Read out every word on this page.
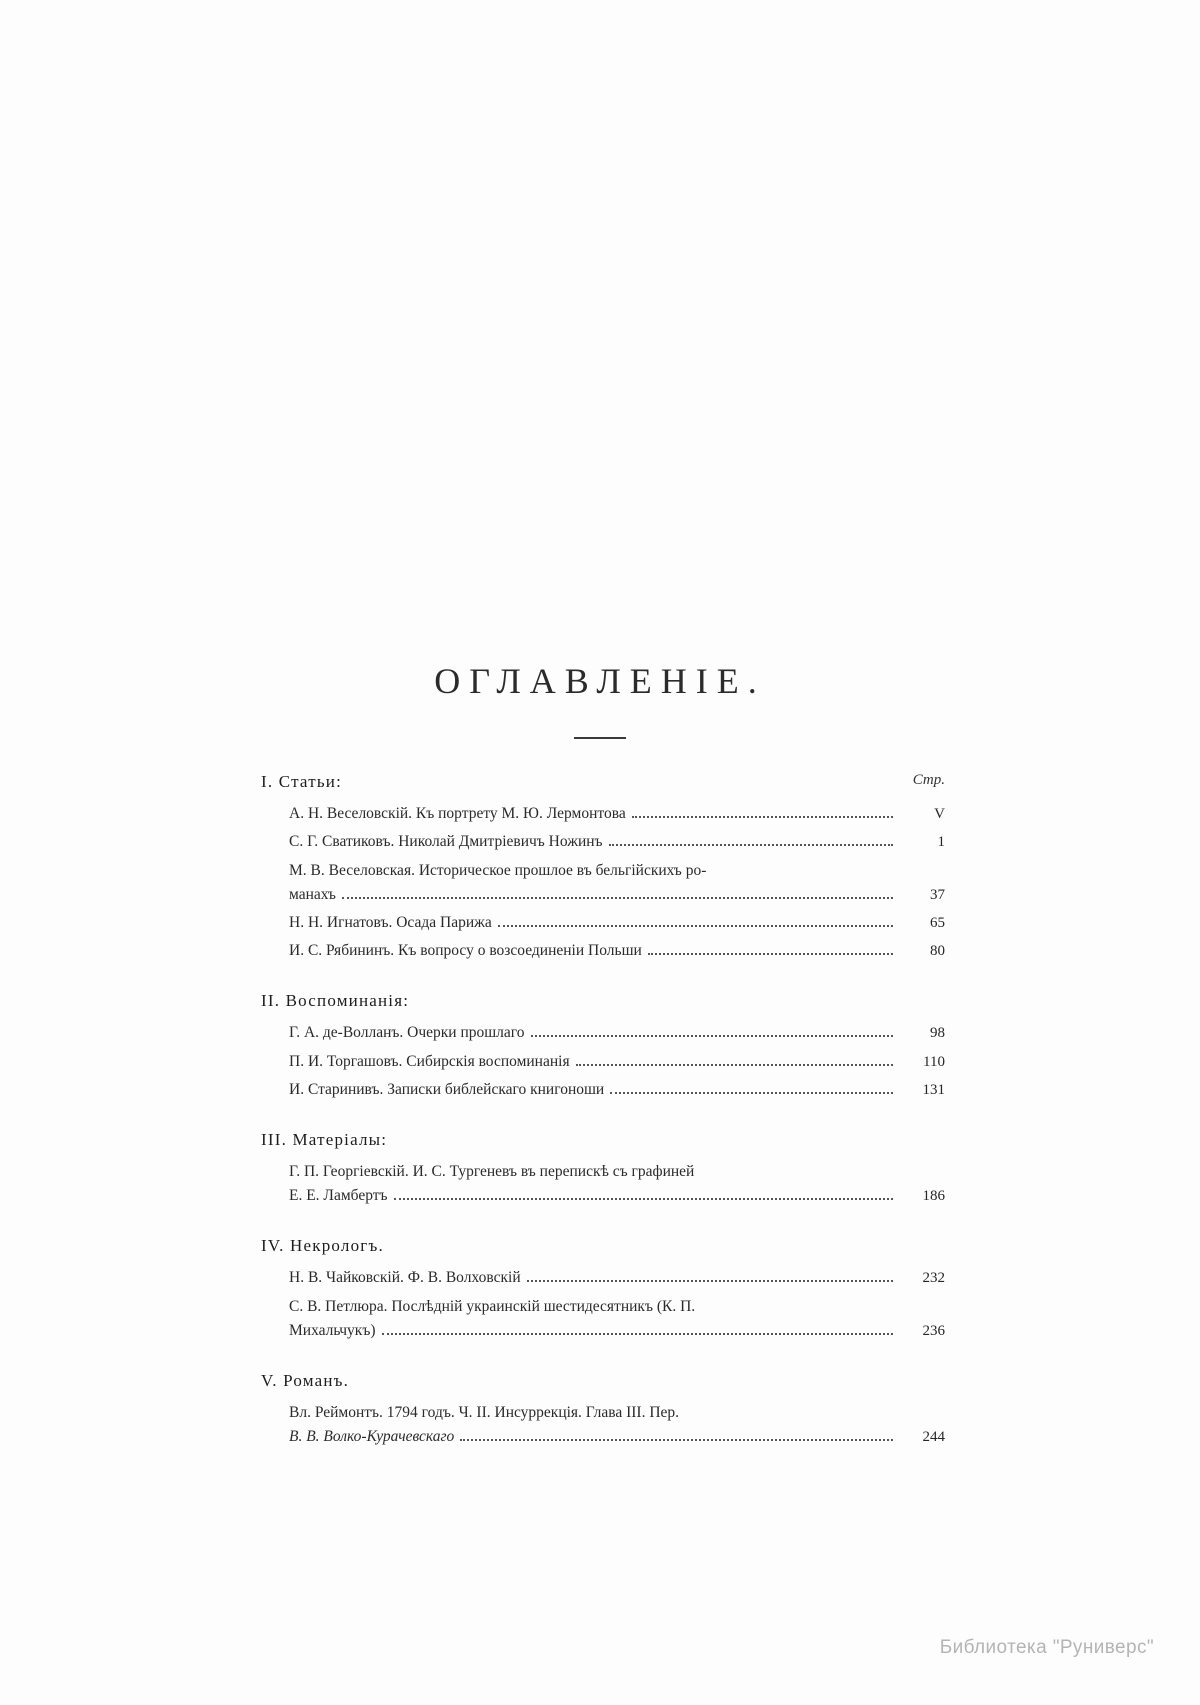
ОГЛАВЛЕНІЕ.
Стр.
I. Статьи:
А. Н. Веселовскій. Къ портрету М. Ю. Лермонтова	V
С. Г. Сватиковъ. Николай Дмитріевичъ Ножинъ	1
М. В. Веселовская. Историческое прошлое въ бельгійскихъ ро-
манахъ	37
Н. Н. Игнатовъ. Осада Парижа	65
И. С. Рябининъ. Къ вопросу о возсоединеніи Польши	80
II. Воспоминанія:
Г. А. де-Волланъ. Очерки прошлаго	98
П. И. Торгашовъ. Сибирскія воспоминанія	110
И. Старинивъ. Записки библейскаго книгоноши	131
III. Матеріалы:
Г. П. Георгіевскій. И. С. Тургеневъ въ перепискѣ съ графиней
Е. Е. Ламбертъ	186
IV. Некрологъ.
Н. В. Чайковскій. Ф. В. Волховскій	232
С. В. Петлюра. Послѣдній украинскій шестидесятникъ (К. П.
Михальчукъ)	236
V. Романъ.
Вл. Реймонтъ. 1794 годъ. Ч. II. Инсуррекція. Глава III. Пер.
В. В. Волко-Курачевскаго	244
Библиотека "Руниверс"
